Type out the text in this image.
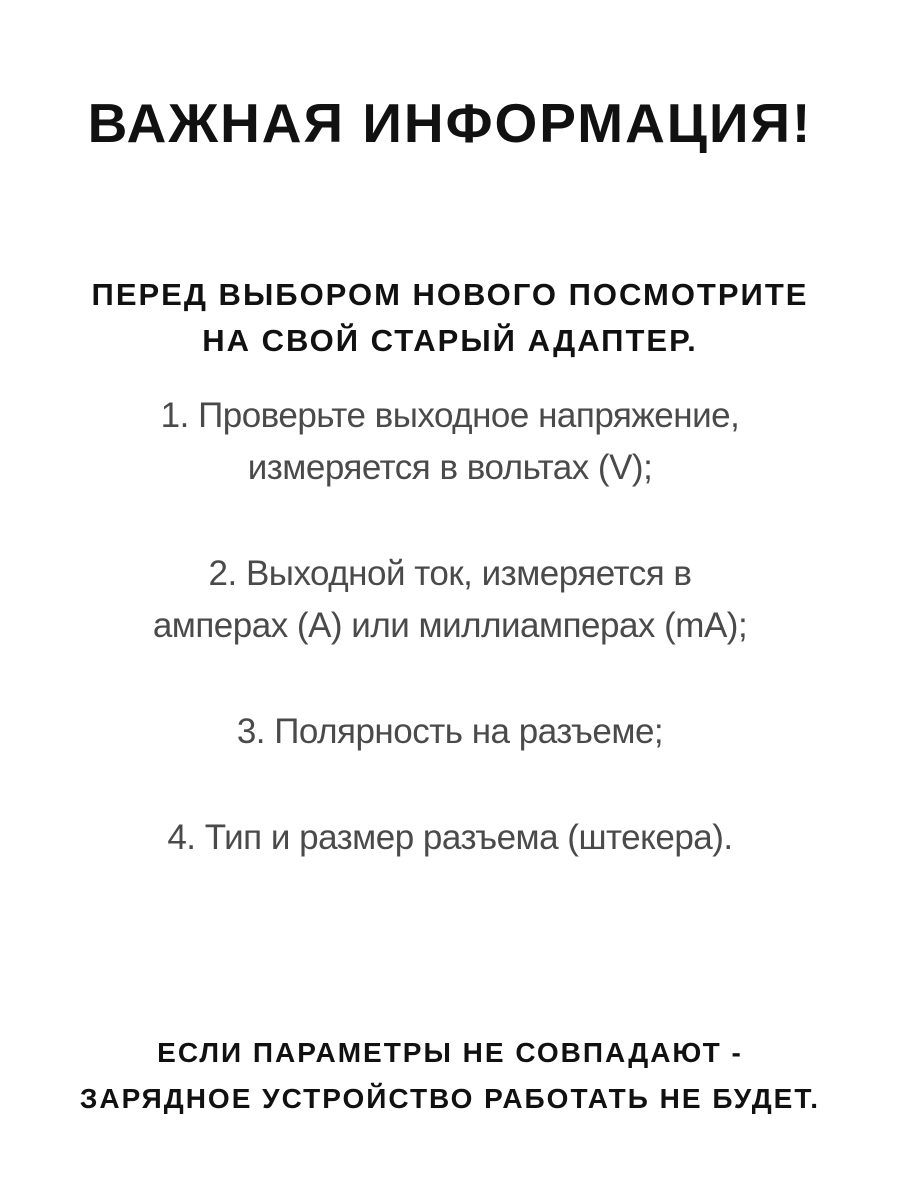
ВАЖНАЯ ИНФОРМАЦИЯ!

ПЕРЕД ВЫБОРОМ НОВОГО ПОСМОТРИТЕ
НА СВОЙ СТАРЫЙ АДАПТЕР.

1. Проверьте выходное напряжение,
измеряется в вольтах (V);
2. Выходной ток, измеряется в
амперах (А) или миллиамперах (mA);
3. Полярность на разъеме;
4. Тип и размер разъема (штекера).

ЕСЛИ ПАРАМЕТРЫ НЕ СОВПАДАЮТ -
ЗАРЯДНОЕ УСТРОЙСТВО РАБОТАТЬ НЕ БУДЕТ.
